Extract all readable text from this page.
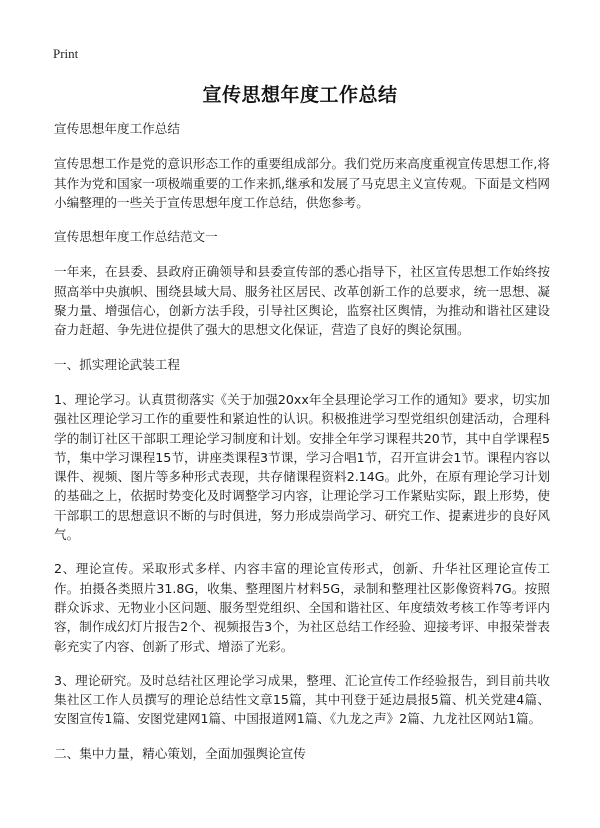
Print
宣传思想年度工作总结

宣传思想年度工作总结

宣传思想工作是党的意识形态工作的重要组成部分。我们党历来高度重视宣传思想工作,将其作为党和国家一项极端重要的工作来抓,继承和发展了马克思主义宣传观。下面是文档网小编整理的一些关于宣传思想年度工作总结，供您参考。

宣传思想年度工作总结范文一

一年来，在县委、县政府正确领导和县委宣传部的悉心指导下，社区宣传思想工作始终按照高举中央旗帜、围绕县域大局、服务社区居民、改革创新工作的总要求，统一思想、凝聚力量、增强信心，创新方法手段，引导社区舆论，监察社区舆情，为推动和谐社区建设奋力赶超、争先进位提供了强大的思想文化保证，营造了良好的舆论氛围。

一、抓实理论武装工程

1、理论学习。认真贯彻落实《关于加强20xx年全县理论学习工作的通知》要求，切实加强社区理论学习工作的重要性和紧迫性的认识。积极推进学习型党组织创建活动，合理科学的制订社区干部职工理论学习制度和计划。安排全年学习课程共20节，其中自学课程5节，集中学习课程15节，讲座类课程3节课，学习合唱1节，召开宣讲会1节。课程内容以课件、视频、图片等多种形式表现，共存储课程资料2.14G。此外，在原有理论学习计划的基础之上，依据时势变化及时调整学习内容，让理论学习工作紧贴实际，跟上形势，使干部职工的思想意识不断的与时俱进，努力形成崇尚学习、研究工作、提素进步的良好风气。

2、理论宣传。采取形式多样、内容丰富的理论宣传形式，创新、升华社区理论宣传工作。拍摄各类照片31.8G，收集、整理图片材料5G，录制和整理社区影像资料7G。按照群众诉求、无物业小区问题、服务型党组织、全国和谐社区、年度绩效考核工作等考评内容，制作成幻灯片报告2个、视频报告3个，为社区总结工作经验、迎接考评、申报荣誉表彰充实了内容、创新了形式、增添了光彩。

3、理论研究。及时总结社区理论学习成果，整理、汇论宣传工作经验报告，到目前共收集社区工作人员撰写的理论总结性文章15篇，其中刊登于延边晨报5篇、机关党建4篇、安图宣传1篇、安图党建网1篇、中国报道网1篇、《九龙之声》2篇、九龙社区网站1篇。

二、集中力量，精心策划，全面加强舆论宣传
